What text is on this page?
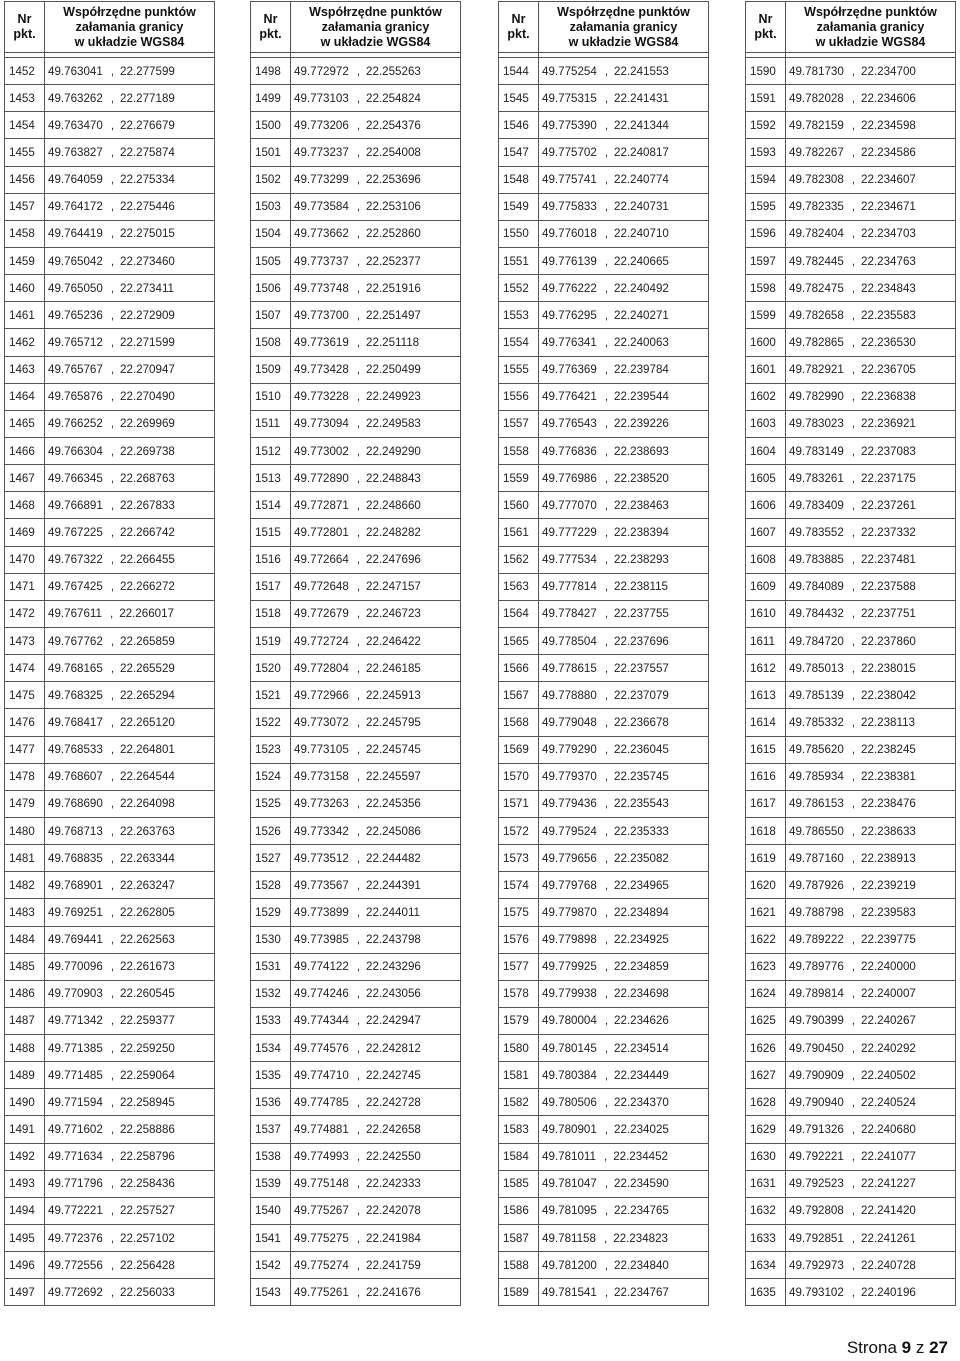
Nr
pkt.	Współrzędne punktów
załamania granicy
w układzie WGS84

1452	49.763041 , 22.277599
1453	49.763262 , 22.277189
1454	49.763470 , 22.276679
1455	49.763827 , 22.275874
1456	49.764059 , 22.275334
1457	49.764172 , 22.275446
1458	49.764419 , 22.275015
1459	49.765042 , 22.273460
1460	49.765050 , 22.273411
1461	49.765236 , 22.272909
1462	49.765712 , 22.271599
1463	49.765767 , 22.270947
1464	49.765876 , 22.270490
1465	49.766252 , 22.269969
1466	49.766304 , 22.269738
1467	49.766345 , 22.268763
1468	49.766891 , 22.267833
1469	49.767225 , 22.266742
1470	49.767322 , 22.266455
1471	49.767425 , 22.266272
1472	49.767611 , 22.266017
1473	49.767762 , 22.265859
1474	49.768165 , 22.265529
1475	49.768325 , 22.265294
1476	49.768417 , 22.265120
1477	49.768533 , 22.264801
1478	49.768607 , 22.264544
1479	49.768690 , 22.264098
1480	49.768713 , 22.263763
1481	49.768835 , 22.263344
1482	49.768901 , 22.263247
1483	49.769251 , 22.262805
1484	49.769441 , 22.262563
1485	49.770096 , 22.261673
1486	49.770903 , 22.260545
1487	49.771342 , 22.259377
1488	49.771385 , 22.259250
1489	49.771485 , 22.259064
1490	49.771594 , 22.258945
1491	49.771602 , 22.258886
1492	49.771634 , 22.258796
1493	49.771796 , 22.258436
1494	49.772221 , 22.257527
1495	49.772376 , 22.257102
1496	49.772556 , 22.256428
1497	49.772692 , 22.256033
Nr
pkt.	Współrzędne punktów
załamania granicy
w układzie WGS84

1498	49.772972 , 22.255263
1499	49.773103 , 22.254824
1500	49.773206 , 22.254376
1501	49.773237 , 22.254008
1502	49.773299 , 22.253696
1503	49.773584 , 22.253106
1504	49.773662 , 22.252860
1505	49.773737 , 22.252377
1506	49.773748 , 22.251916
1507	49.773700 , 22.251497
1508	49.773619 , 22.251118
1509	49.773428 , 22.250499
1510	49.773228 , 22.249923
1511	49.773094 , 22.249583
1512	49.773002 , 22.249290
1513	49.772890 , 22.248843
1514	49.772871 , 22.248660
1515	49.772801 , 22.248282
1516	49.772664 , 22.247696
1517	49.772648 , 22.247157
1518	49.772679 , 22.246723
1519	49.772724 , 22.246422
1520	49.772804 , 22.246185
1521	49.772966 , 22.245913
1522	49.773072 , 22.245795
1523	49.773105 , 22.245745
1524	49.773158 , 22.245597
1525	49.773263 , 22.245356
1526	49.773342 , 22.245086
1527	49.773512 , 22.244482
1528	49.773567 , 22.244391
1529	49.773899 , 22.244011
1530	49.773985 , 22.243798
1531	49.774122 , 22.243296
1532	49.774246 , 22.243056
1533	49.774344 , 22.242947
1534	49.774576 , 22.242812
1535	49.774710 , 22.242745
1536	49.774785 , 22.242728
1537	49.774881 , 22.242658
1538	49.774993 , 22.242550
1539	49.775148 , 22.242333
1540	49.775267 , 22.242078
1541	49.775275 , 22.241984
1542	49.775274 , 22.241759
1543	49.775261 , 22.241676
Nr
pkt.	Współrzędne punktów
załamania granicy
w układzie WGS84

1544	49.775254 , 22.241553
1545	49.775315 , 22.241431
1546	49.775390 , 22.241344
1547	49.775702 , 22.240817
1548	49.775741 , 22.240774
1549	49.775833 , 22.240731
1550	49.776018 , 22.240710
1551	49.776139 , 22.240665
1552	49.776222 , 22.240492
1553	49.776295 , 22.240271
1554	49.776341 , 22.240063
1555	49.776369 , 22.239784
1556	49.776421 , 22.239544
1557	49.776543 , 22.239226
1558	49.776836 , 22.238693
1559	49.776986 , 22.238520
1560	49.777070 , 22.238463
1561	49.777229 , 22.238394
1562	49.777534 , 22.238293
1563	49.777814 , 22.238115
1564	49.778427 , 22.237755
1565	49.778504 , 22.237696
1566	49.778615 , 22.237557
1567	49.778880 , 22.237079
1568	49.779048 , 22.236678
1569	49.779290 , 22.236045
1570	49.779370 , 22.235745
1571	49.779436 , 22.235543
1572	49.779524 , 22.235333
1573	49.779656 , 22.235082
1574	49.779768 , 22.234965
1575	49.779870 , 22.234894
1576	49.779898 , 22.234925
1577	49.779925 , 22.234859
1578	49.779938 , 22.234698
1579	49.780004 , 22.234626
1580	49.780145 , 22.234514
1581	49.780384 , 22.234449
1582	49.780506 , 22.234370
1583	49.780901 , 22.234025
1584	49.781011 , 22.234452
1585	49.781047 , 22.234590
1586	49.781095 , 22.234765
1587	49.781158 , 22.234823
1588	49.781200 , 22.234840
1589	49.781541 , 22.234767
Nr
pkt.	Współrzędne punktów
załamania granicy
w układzie WGS84

1590	49.781730 , 22.234700
1591	49.782028 , 22.234606
1592	49.782159 , 22.234598
1593	49.782267 , 22.234586
1594	49.782308 , 22.234607
1595	49.782335 , 22.234671
1596	49.782404 , 22.234703
1597	49.782445 , 22.234763
1598	49.782475 , 22.234843
1599	49.782658 , 22.235583
1600	49.782865 , 22.236530
1601	49.782921 , 22.236705
1602	49.782990 , 22.236838
1603	49.783023 , 22.236921
1604	49.783149 , 22.237083
1605	49.783261 , 22.237175
1606	49.783409 , 22.237261
1607	49.783552 , 22.237332
1608	49.783885 , 22.237481
1609	49.784089 , 22.237588
1610	49.784432 , 22.237751
1611	49.784720 , 22.237860
1612	49.785013 , 22.238015
1613	49.785139 , 22.238042
1614	49.785332 , 22.238113
1615	49.785620 , 22.238245
1616	49.785934 , 22.238381
1617	49.786153 , 22.238476
1618	49.786550 , 22.238633
1619	49.787160 , 22.238913
1620	49.787926 , 22.239219
1621	49.788798 , 22.239583
1622	49.789222 , 22.239775
1623	49.789776 , 22.240000
1624	49.789814 , 22.240007
1625	49.790399 , 22.240267
1626	49.790450 , 22.240292
1627	49.790909 , 22.240502
1628	49.790940 , 22.240524
1629	49.791326 , 22.240680
1630	49.792221 , 22.241077
1631	49.792523 , 22.241227
1632	49.792808 , 22.241420
1633	49.792851 , 22.241261
1634	49.792973 , 22.240728
1635	49.793102 , 22.240196
Strona 9 z 27
